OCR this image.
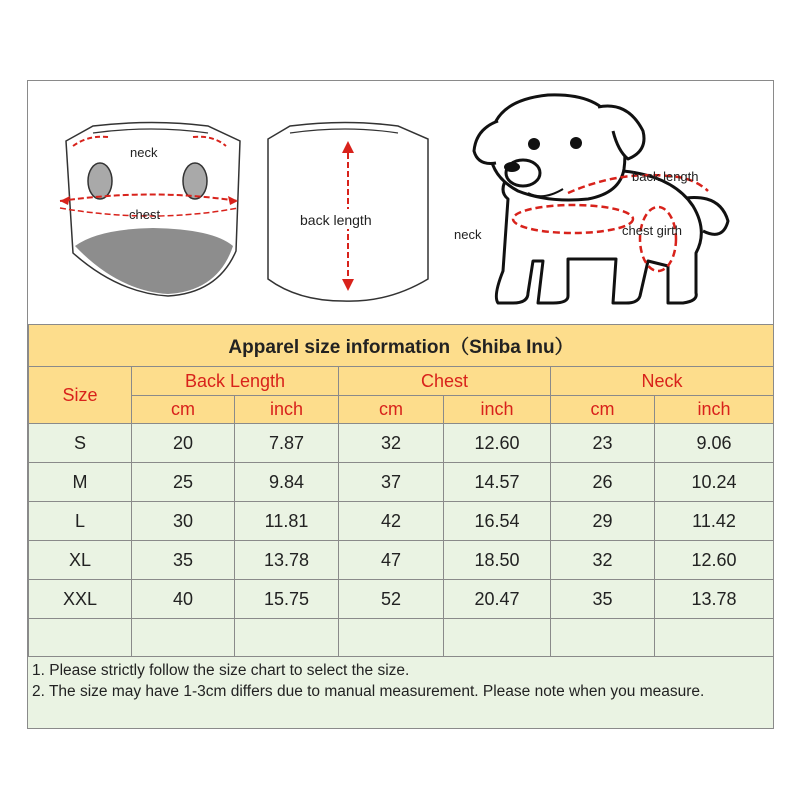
neck
chest	back length
neck
back length
chest girth
Apparel size information（Shiba Inu）						
Size	Back Length		Chest		Neck	
	cm	inch	cm	inch	cm	inch
S	20	7.87	32	12.60	23	9.06
M	25	9.84	37	14.57	26	10.24
L	30	11.81	42	16.54	29	11.42
XL	35	13.78	47	18.50	32	12.60
XXL	40	15.75	52	20.47	35	13.78

1. Please strictly follow the size chart to select the size.
2. The size may have 1-3cm differs due to manual measurement. Please note when you measure.
